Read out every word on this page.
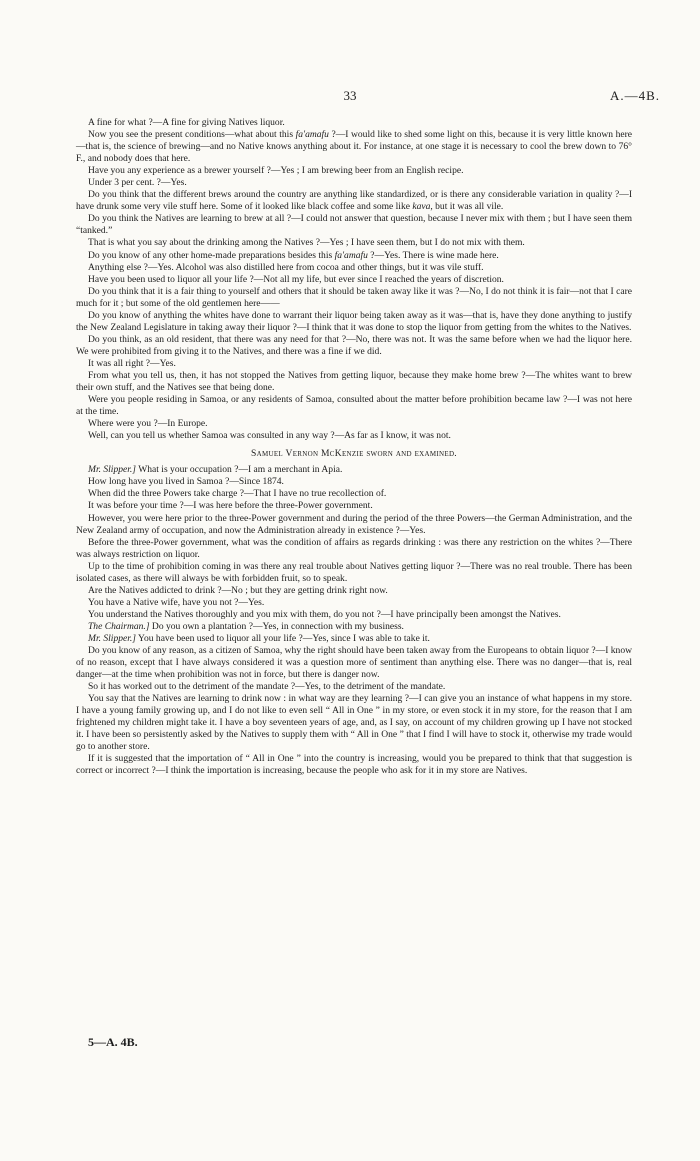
33	A.—4B.

A fine for what ?—A fine for giving Natives liquor.

Now you see the present conditions—what about this fa'amafu ?—I would like to shed some light on this, because it is very little known here—that is, the science of brewing—and no Native knows anything about it. For instance, at one stage it is necessary to cool the brew down to 76° F., and nobody does that here.

Have you any experience as a brewer yourself ?—Yes ; I am brewing beer from an English recipe.

Under 3 per cent. ?—Yes.

Do you think that the different brews around the country are anything like standardized, or is there any considerable variation in quality ?—I have drunk some very vile stuff here. Some of it looked like black coffee and some like kava, but it was all vile.

Do you think the Natives are learning to brew at all ?—I could not answer that question, because I never mix with them ; but I have seen them “tanked.”

That is what you say about the drinking among the Natives ?—Yes ; I have seen them, but I do not mix with them.

Do you know of any other home-made preparations besides this fa'amafu ?—Yes. There is wine made here.

Anything else ?—Yes. Alcohol was also distilled here from cocoa and other things, but it was vile stuff.

Have you been used to liquor all your life ?—Not all my life, but ever since I reached the years of discretion.

Do you think that it is a fair thing to yourself and others that it should be taken away like it was ?—No, I do not think it is fair—not that I care much for it ; but some of the old gentlemen here——

Do you know of anything the whites have done to warrant their liquor being taken away as it was—that is, have they done anything to justify the New Zealand Legislature in taking away their liquor ?—I think that it was done to stop the liquor from getting from the whites to the Natives.

Do you think, as an old resident, that there was any need for that ?—No, there was not. It was the same before when we had the liquor here. We were prohibited from giving it to the Natives, and there was a fine if we did.

It was all right ?—Yes.

From what you tell us, then, it has not stopped the Natives from getting liquor, because they make home brew ?—The whites want to brew their own stuff, and the Natives see that being done.

Were you people residing in Samoa, or any residents of Samoa, consulted about the matter before prohibition became law ?—I was not here at the time.

Where were you ?—In Europe.

Well, can you tell us whether Samoa was consulted in any way ?—As far as I know, it was not.

Samuel Vernon McKenzie sworn and examined.

Mr. Slipper.] What is your occupation ?—I am a merchant in Apia.

How long have you lived in Samoa ?—Since 1874.

When did the three Powers take charge ?—That I have no true recollection of.

It was before your time ?—I was here before the three-Power government.

However, you were here prior to the three-Power government and during the period of the three Powers—the German Administration, and the New Zealand army of occupation, and now the Administration already in existence ?—Yes.

Before the three-Power government, what was the condition of affairs as regards drinking : was there any restriction on the whites ?—There was always restriction on liquor.

Up to the time of prohibition coming in was there any real trouble about Natives getting liquor ?—There was no real trouble. There has been isolated cases, as there will always be with forbidden fruit, so to speak.

Are the Natives addicted to drink ?—No ; but they are getting drink right now.

You have a Native wife, have you not ?—Yes.

You understand the Natives thoroughly and you mix with them, do you not ?—I have principally been amongst the Natives.

The Chairman.] Do you own a plantation ?—Yes, in connection with my business.

Mr. Slipper.] You have been used to liquor all your life ?—Yes, since I was able to take it.

Do you know of any reason, as a citizen of Samoa, why the right should have been taken away from the Europeans to obtain liquor ?—I know of no reason, except that I have always considered it was a question more of sentiment than anything else. There was no danger—that is, real danger—at the time when prohibition was not in force, but there is danger now.

So it has worked out to the detriment of the mandate ?—Yes, to the detriment of the mandate.

You say that the Natives are learning to drink now : in what way are they learning ?—I can give you an instance of what happens in my store. I have a young family growing up, and I do not like to even sell “ All in One ” in my store, or even stock it in my store, for the reason that I am frightened my children might take it. I have a boy seventeen years of age, and, as I say, on account of my children growing up I have not stocked it. I have been so persistently asked by the Natives to supply them with “ All in One ” that I find I will have to stock it, otherwise my trade would go to another store.

If it is suggested that the importation of “ All in One ” into the country is increasing, would you be prepared to think that that suggestion is correct or incorrect ?—I think the importation is increasing, because the people who ask for it in my store are Natives.

5—A. 4B.
